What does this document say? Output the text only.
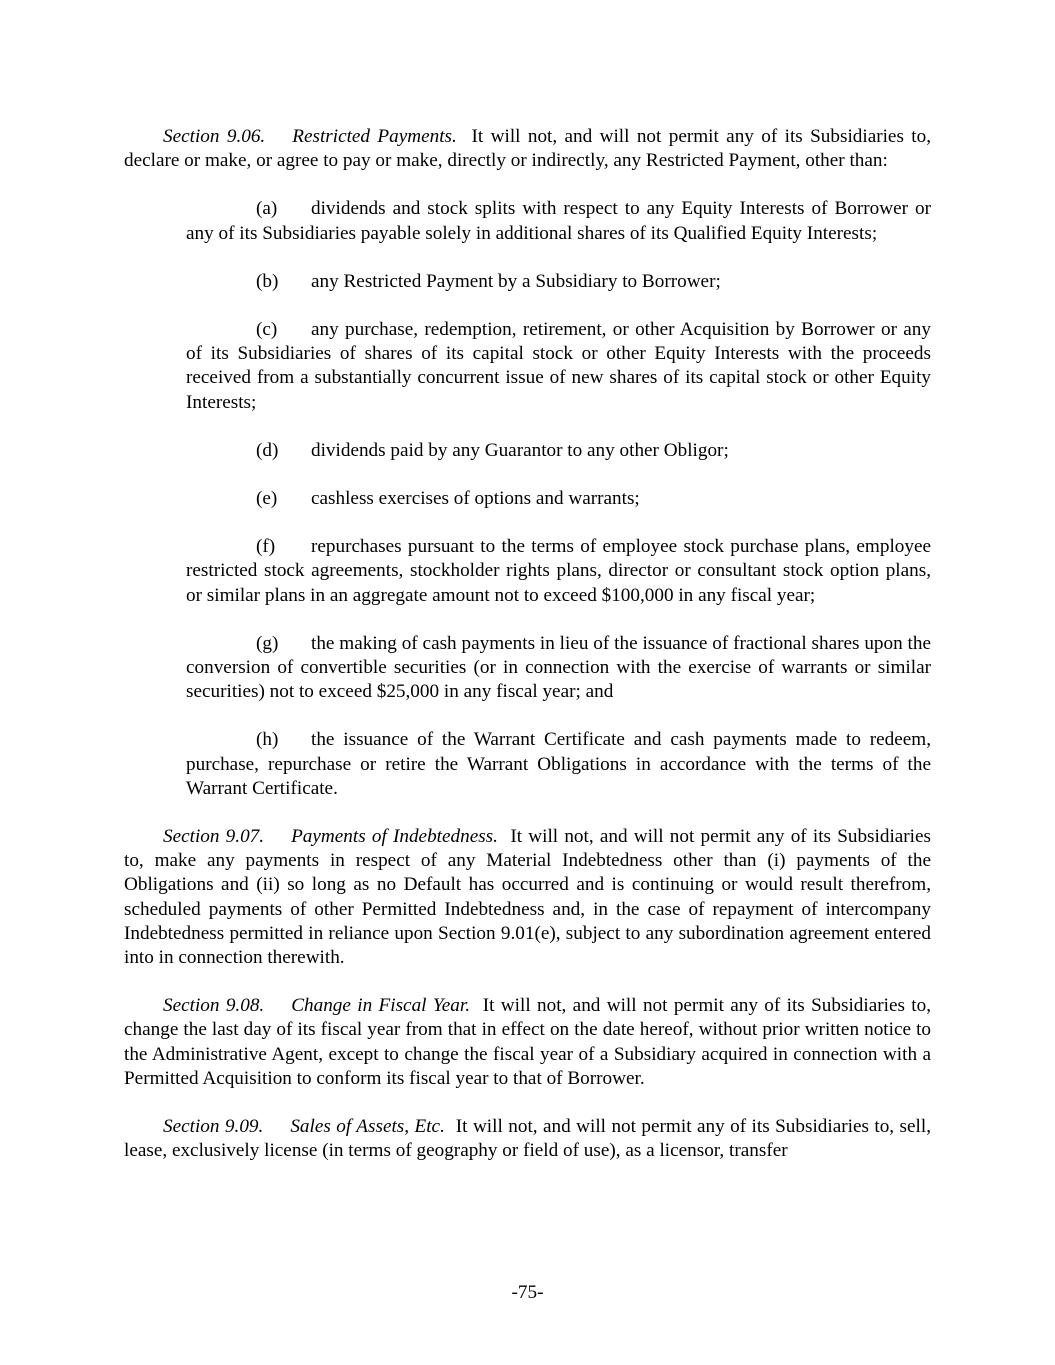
Section 9.06. Restricted Payments. It will not, and will not permit any of its Subsidiaries to, declare or make, or agree to pay or make, directly or indirectly, any Restricted Payment, other than:

(a) dividends and stock splits with respect to any Equity Interests of Borrower or any of its Subsidiaries payable solely in additional shares of its Qualified Equity Interests;

(b) any Restricted Payment by a Subsidiary to Borrower;

(c) any purchase, redemption, retirement, or other Acquisition by Borrower or any of its Subsidiaries of shares of its capital stock or other Equity Interests with the proceeds received from a substantially concurrent issue of new shares of its capital stock or other Equity Interests;

(d) dividends paid by any Guarantor to any other Obligor;

(e) cashless exercises of options and warrants;

(f) repurchases pursuant to the terms of employee stock purchase plans, employee restricted stock agreements, stockholder rights plans, director or consultant stock option plans, or similar plans in an aggregate amount not to exceed $100,000 in any fiscal year;

(g) the making of cash payments in lieu of the issuance of fractional shares upon the conversion of convertible securities (or in connection with the exercise of warrants or similar securities) not to exceed $25,000 in any fiscal year; and

(h) the issuance of the Warrant Certificate and cash payments made to redeem, purchase, repurchase or retire the Warrant Obligations in accordance with the terms of the Warrant Certificate.

Section 9.07. Payments of Indebtedness. It will not, and will not permit any of its Subsidiaries to, make any payments in respect of any Material Indebtedness other than (i) payments of the Obligations and (ii) so long as no Default has occurred and is continuing or would result therefrom, scheduled payments of other Permitted Indebtedness and, in the case of repayment of intercompany Indebtedness permitted in reliance upon Section 9.01(e), subject to any subordination agreement entered into in connection therewith.

Section 9.08. Change in Fiscal Year. It will not, and will not permit any of its Subsidiaries to, change the last day of its fiscal year from that in effect on the date hereof, without prior written notice to the Administrative Agent, except to change the fiscal year of a Subsidiary acquired in connection with a Permitted Acquisition to conform its fiscal year to that of Borrower.

Section 9.09. Sales of Assets, Etc. It will not, and will not permit any of its Subsidiaries to, sell, lease, exclusively license (in terms of geography or field of use), as a licensor, transfer

-75-
